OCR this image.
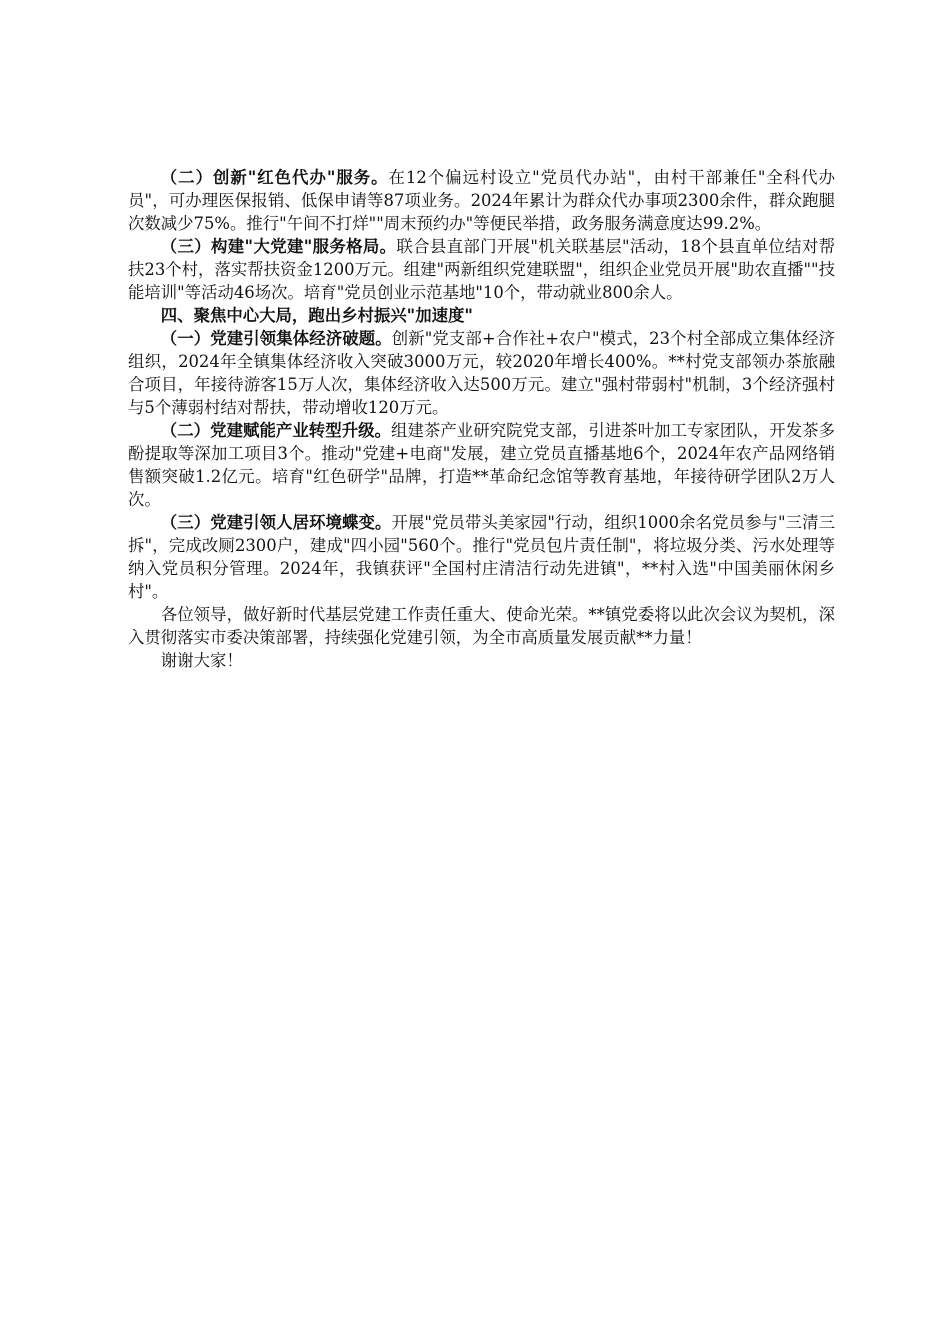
（二）创新"红色代办"服务。在12个偏远村设立"党员代办站"，由村干部兼任"全科代办员"，可办理医保报销、低保申请等87项业务。2024年累计为群众代办事项2300余件，群众跑腿次数减少75%。推行"午间不打烊""周末预约办"等便民举措，政务服务满意度达99.2%。

（三）构建"大党建"服务格局。联合县直部门开展"机关联基层"活动，18个县直单位结对帮扶23个村，落实帮扶资金1200万元。组建"两新组织党建联盟"，组织企业党员开展"助农直播""技能培训"等活动46场次。培育"党员创业示范基地"10个，带动就业800余人。

四、聚焦中心大局，跑出乡村振兴"加速度"

（一）党建引领集体经济破题。创新"党支部+合作社+农户"模式，23个村全部成立集体经济组织，2024年全镇集体经济收入突破3000万元，较2020年增长400%。**村党支部领办茶旅融合项目，年接待游客15万人次，集体经济收入达500万元。建立"强村带弱村"机制，3个经济强村与5个薄弱村结对帮扶，带动增收120万元。

（二）党建赋能产业转型升级。组建茶产业研究院党支部，引进茶叶加工专家团队，开发茶多酚提取等深加工项目3个。推动"党建+电商"发展，建立党员直播基地6个，2024年农产品网络销售额突破1.2亿元。培育"红色研学"品牌，打造**革命纪念馆等教育基地，年接待研学团队2万人次。

（三）党建引领人居环境蝶变。开展"党员带头美家园"行动，组织1000余名党员参与"三清三拆"，完成改厕2300户，建成"四小园"560个。推行"党员包片责任制"，将垃圾分类、污水处理等纳入党员积分管理。2024年，我镇获评"全国村庄清洁行动先进镇"，**村入选"中国美丽休闲乡村"。

各位领导，做好新时代基层党建工作责任重大、使命光荣。**镇党委将以此次会议为契机，深入贯彻落实市委决策部署，持续强化党建引领，为全市高质量发展贡献**力量！

谢谢大家！
